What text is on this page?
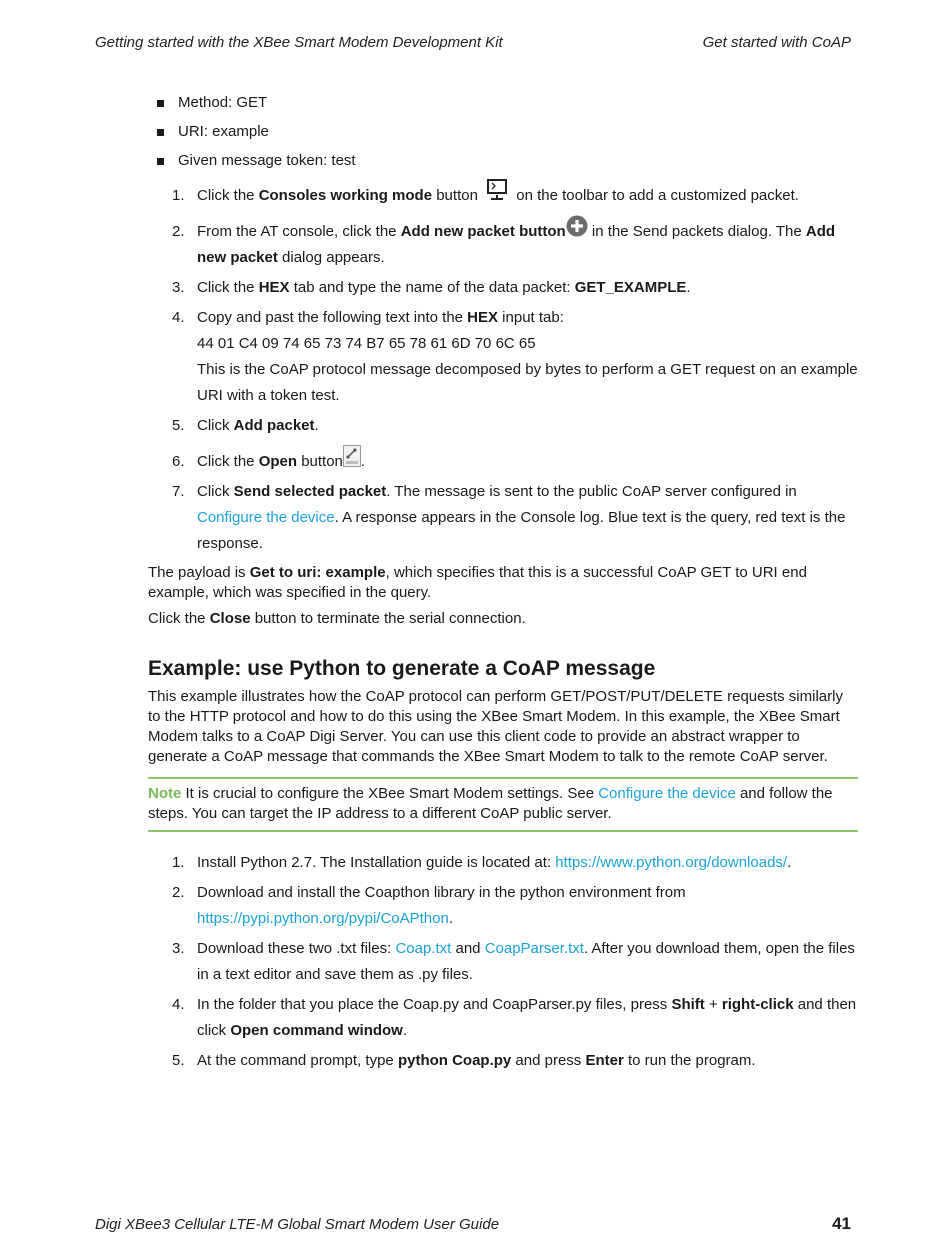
Getting started with the XBee Smart Modem Development Kit	Get started with CoAP
Method: GET
URI: example
Given message token: test
1. Click the Consoles working mode button  on the toolbar to add a customized packet.
2. From the AT console, click the Add new packet button in the Send packets dialog. The Add new packet dialog appears.
3. Click the HEX tab and type the name of the data packet: GET_EXAMPLE.
4. Copy and past the following text into the HEX input tab:
44 01 C4 09 74 65 73 74 B7 65 78 61 6D 70 6C 65
This is the CoAP protocol message decomposed by bytes to perform a GET request on an example URI with a token test.
5. Click Add packet.
6. Click the Open button .
7. Click Send selected packet. The message is sent to the public CoAP server configured in Configure the device. A response appears in the Console log. Blue text is the query, red text is the response.

The payload is Get to uri: example, which specifies that this is a successful CoAP GET to URI end example, which was specified in the query.

Click the Close button to terminate the serial connection.

Example: use Python to generate a CoAP message

This example illustrates how the CoAP protocol can perform GET/POST/PUT/DELETE requests similarly to the HTTP protocol and how to do this using the XBee Smart Modem. In this example, the XBee Smart Modem talks to a CoAP Digi Server. You can use this client code to provide an abstract wrapper to generate a CoAP message that commands the XBee Smart Modem to talk to the remote CoAP server.

Note It is crucial to configure the XBee Smart Modem settings. See Configure the device and follow the steps. You can target the IP address to a different CoAP public server.
1. Install Python 2.7. The Installation guide is located at: https://www.python.org/downloads/.
2. Download and install the Coapthon library in the python environment from https://pypi.python.org/pypi/CoAPthon.
3. Download these two .txt files: Coap.txt and CoapParser.txt. After you download them, open the files in a text editor and save them as .py files.
4. In the folder that you place the Coap.py and CoapParser.py files, press Shift + right-click and then click Open command window.
5. At the command prompt, type python Coap.py and press Enter to run the program.
Digi XBee3 Cellular LTE-M Global Smart Modem User Guide	41
